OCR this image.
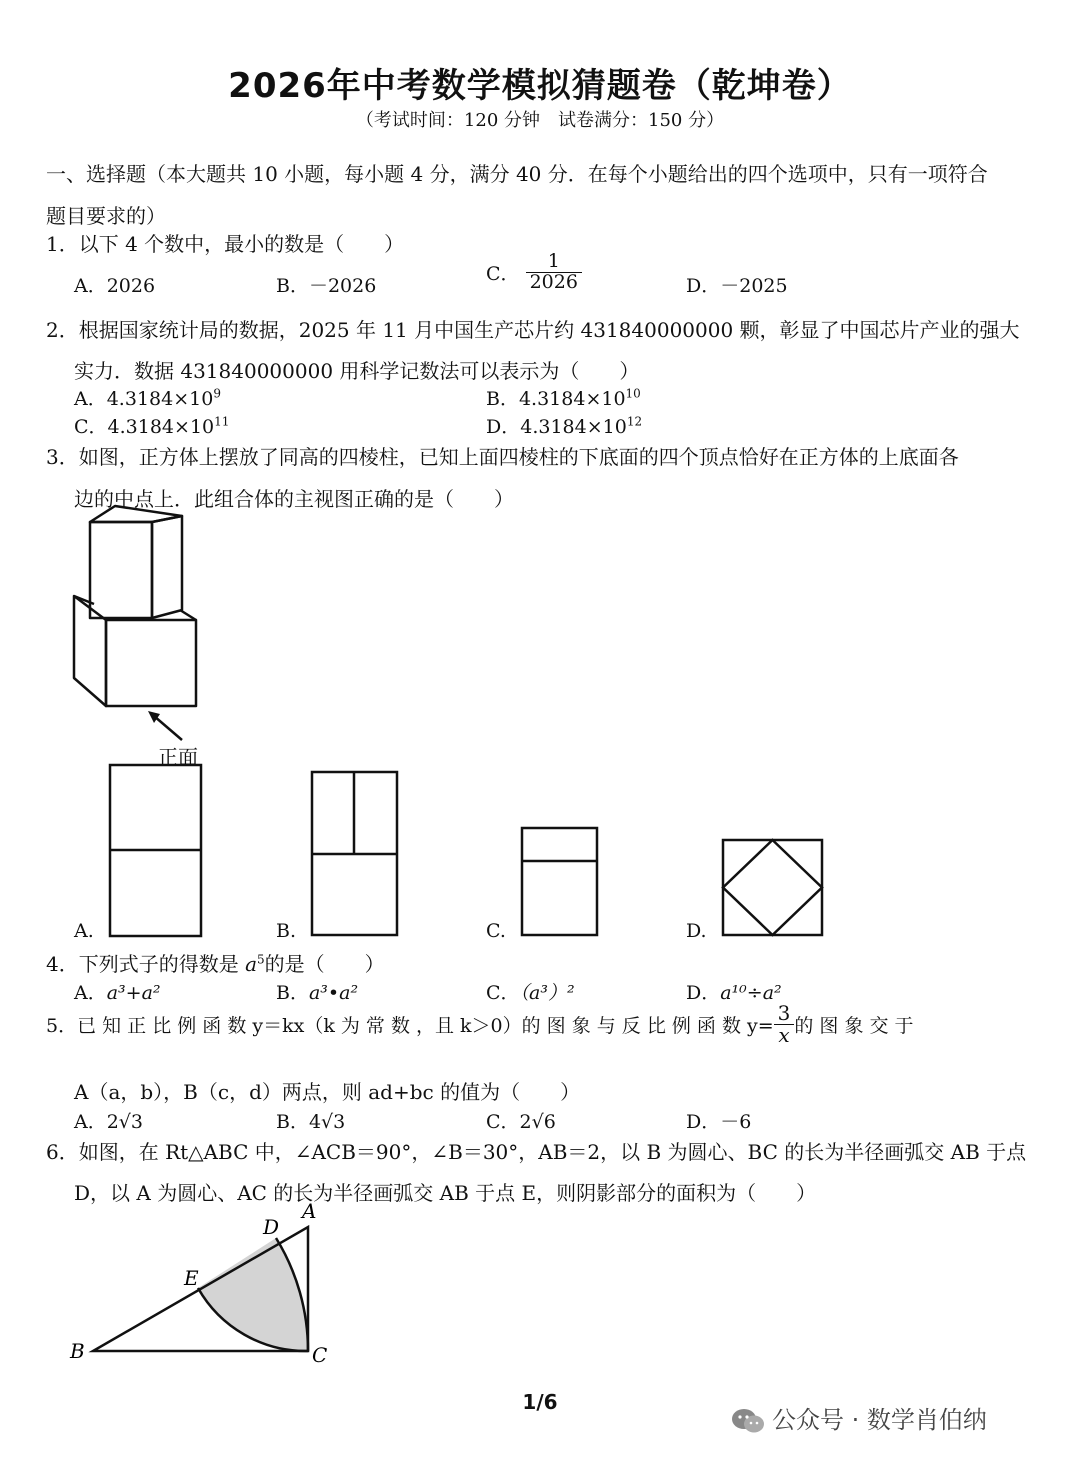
2026年中考数学模拟猜题卷（乾坤卷）
（考试时间：120 分钟　试卷满分：150 分）
一、选择题（本大题共 10 小题，每小题 4 分，满分 40 分．在每个小题给出的四个选项中，只有一项符合
题目要求的）
1．以下 4 个数中，最小的数是（　　）
A．2026	B．－2026
C． $\frac{1}{2026}$	D．－2025
2．根据国家统计局的数据，2025 年 11 月中国生产芯片约 431840000000 颗，彰显了中国芯片产业的强大
实力．数据 431840000000 用科学记数法可以表示为（　　）
A．$4.3184\times 10^9$	B．$4.3184\times 10^{10}$
C．$4.3184\times 10^{11}$	D．$4.3184\times 10^{12}$
3．如图，正方体上摆放了同高的四棱柱，已知上面四棱柱的下底面的四个顶点恰好在正方体的上底面各
边的中点上．此组合体的主视图正确的是（　　）
正面
A.	B.	C.	D.
4．下列式子的得数是 $a^5$的是（　　）
A．a³+a²	B．a³•a²	C．（a³）²	D．a¹⁰÷a²
5．已 知 正 比 例 函 数 y＝kx（k 为 常 数 ，且 k＞0）的 图 象 与 反 比 例 函 数 $y= \frac{3}{x}$ 的 图 象 交 于
A（a，b），B（c，d）两点，则 ad+bc 的值为（　　）
A．2√3	B．4√3	C．2√6	D．－6
6．如图，在 Rt△ABC 中，∠ACB＝90°，∠B＝30°，AB＝2，以 B 为圆心、BC 的长为半径画弧交 AB 于点
D，以 A 为圆心、AC 的长为半径画弧交 AB 于点 E，则阴影部分的面积为（　　）
A
B	C
D
E
1/6
公众号 · 数学肖伯纳
